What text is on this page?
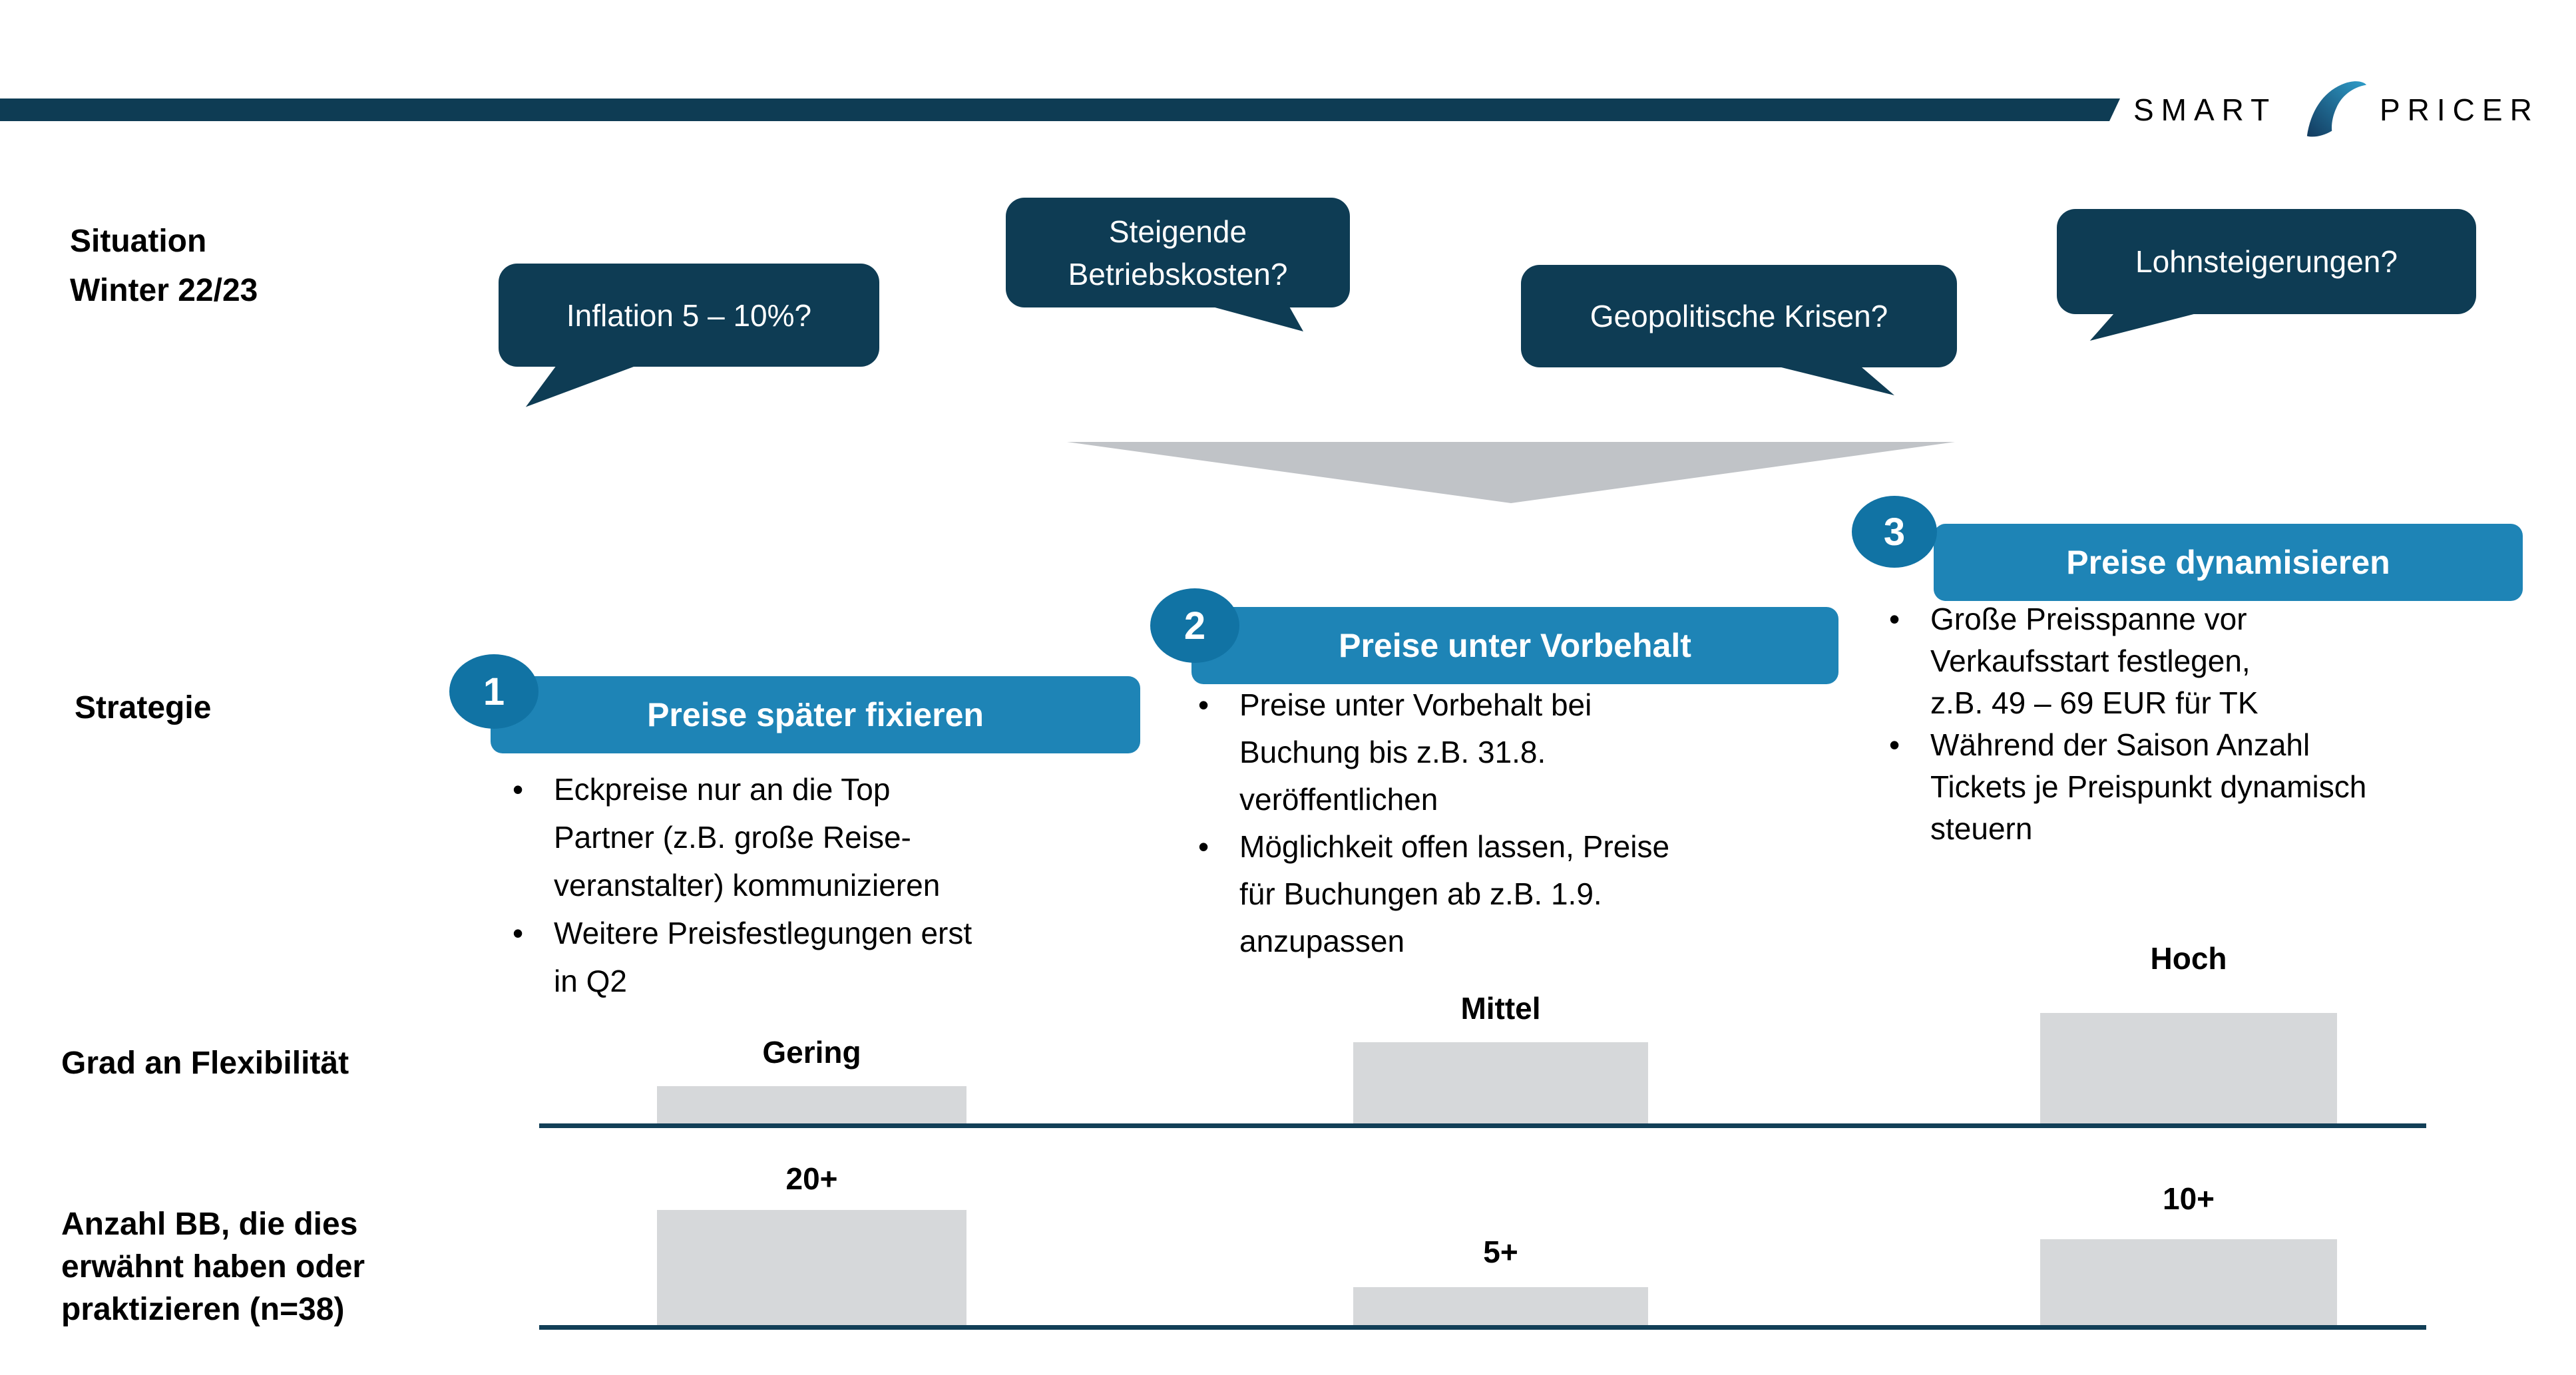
SMART	PRICER
Situation
Winter 22/23
Inflation 5 – 10%?
Steigende
Betriebskosten?
Geopolitische Krisen?
Lohnsteigerungen?
Strategie	1
Preise später fixieren
•
Eckpreise nur an die Top
Partner (z.B. große Reise-
veranstalter) kommunizieren
•
Weitere Preisfestlegungen erst
in Q2
2	Preise unter Vorbehalt
•
Preise unter Vorbehalt bei
Buchung bis z.B. 31.8.
veröffentlichen
•
Möglichkeit offen lassen, Preise
für Buchungen ab z.B. 1.9.
anzupassen
3
Preise dynamisieren
•
Große Preisspanne vor
Verkaufsstart festlegen,
z.B. 49 – 69 EUR für TK
•
Während der Saison Anzahl
Tickets je Preispunkt dynamisch
steuern
Grad an Flexibilität	Gering
Mittel
Hoch
Anzahl BB, die dies
erwähnt haben oder
praktizieren (n=38)
20+
5+
10+
